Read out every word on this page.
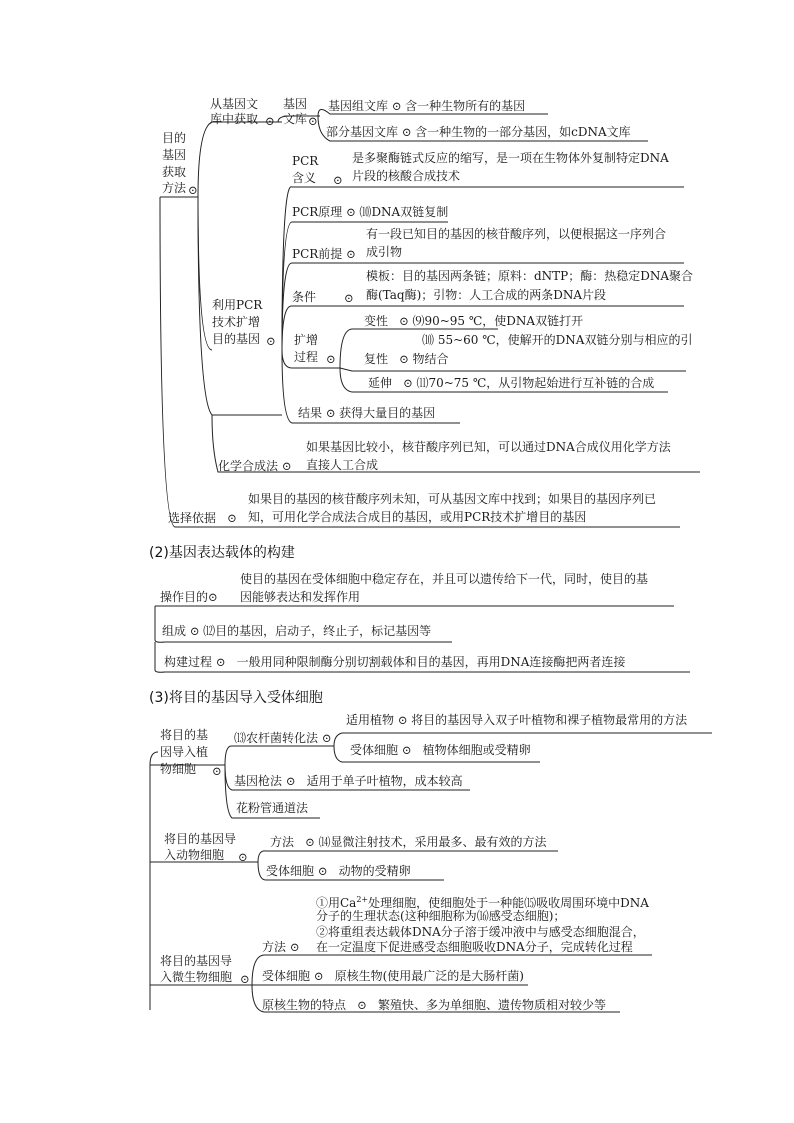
目的
基因
获取
方法 ⊙
从基因文
库中获取 ⊙
基因
文库 ⊙
基因组文库 ⊙ 含一种生物所有的基因
部分基因文库 ⊙ 含一种生物的一部分基因，如cDNA文库
PCR
含义 ⊙
是多聚酶链式反应的缩写，是一项在生物体外复制特定DNA
片段的核酸合成技术
PCR原理 ⊙ ⑽DNA双链复制
PCR前提 ⊙
有一段已知目的基因的核苷酸序列，以便根据这一序列合
成引物
条件 ⊙
模板：目的基因两条链；原料：dNTP；酶：热稳定DNA聚合
酶(Taq酶)；引物：人工合成的两条DNA片段
扩增
过程 ⊙
变性   ⊙ ⑼90~95 ℃，使DNA双链打开
⑽ 55~60 ℃，使解开的DNA双链分别与相应的引
复性   ⊙ 物结合
延伸   ⊙ ⑾70~75 ℃，从引物起始进行互补链的合成
结果 ⊙ 获得大量目的基因
利用PCR
技术扩增
目的基因 ⊙
化学合成法 ⊙
如果基因比较小，核苷酸序列已知，可以通过DNA合成仪用化学方法
直接人工合成
选择依据   ⊙
如果目的基因的核苷酸序列未知，可从基因文库中找到；如果目的基因序列已
知，可用化学合成法合成目的基因，或用PCR技术扩增目的基因
(2)基因表达载体的构建
操作目的⊙
使目的基因在受体细胞中稳定存在，并且可以遗传给下一代，同时，使目的基
因能够表达和发挥作用
组成 ⊙ ⑿目的基因，启动子，终止子，标记基因等
构建过程 ⊙   一般用同种限制酶分别切割载体和目的基因，再用DNA连接酶把两者连接
(3)将目的基因导入受体细胞
将目的基
因导入植
物细胞 ⊙
⒀农杆菌转化法 ⊙
适用植物 ⊙ 将目的基因导入双子叶植物和裸子植物最常用的方法
受体细胞 ⊙   植物体细胞或受精卵
基因枪法 ⊙   适用于单子叶植物，成本较高
花粉管通道法
将目的基因导
入动物细胞 ⊙
方法   ⊙ ⒁显微注射技术，采用最多、最有效的方法
受体细胞 ⊙   动物的受精卵
将目的基因导
入微生物细胞 ⊙
方法 ⊙
①用$Ca^{2+}$处理细胞，使细胞处于一种能⒂吸收周围环境中DNA
分子的生理状态(这种细胞称为⒃感受态细胞)；
②将重组表达载体DNA分子溶于缓冲液中与感受态细胞混合，
在一定温度下促进感受态细胞吸收DNA分子，完成转化过程
受体细胞 ⊙   原核生物(使用最广泛的是大肠杆菌)
原核生物的特点   ⊙   繁殖快、多为单细胞、遗传物质相对较少等
